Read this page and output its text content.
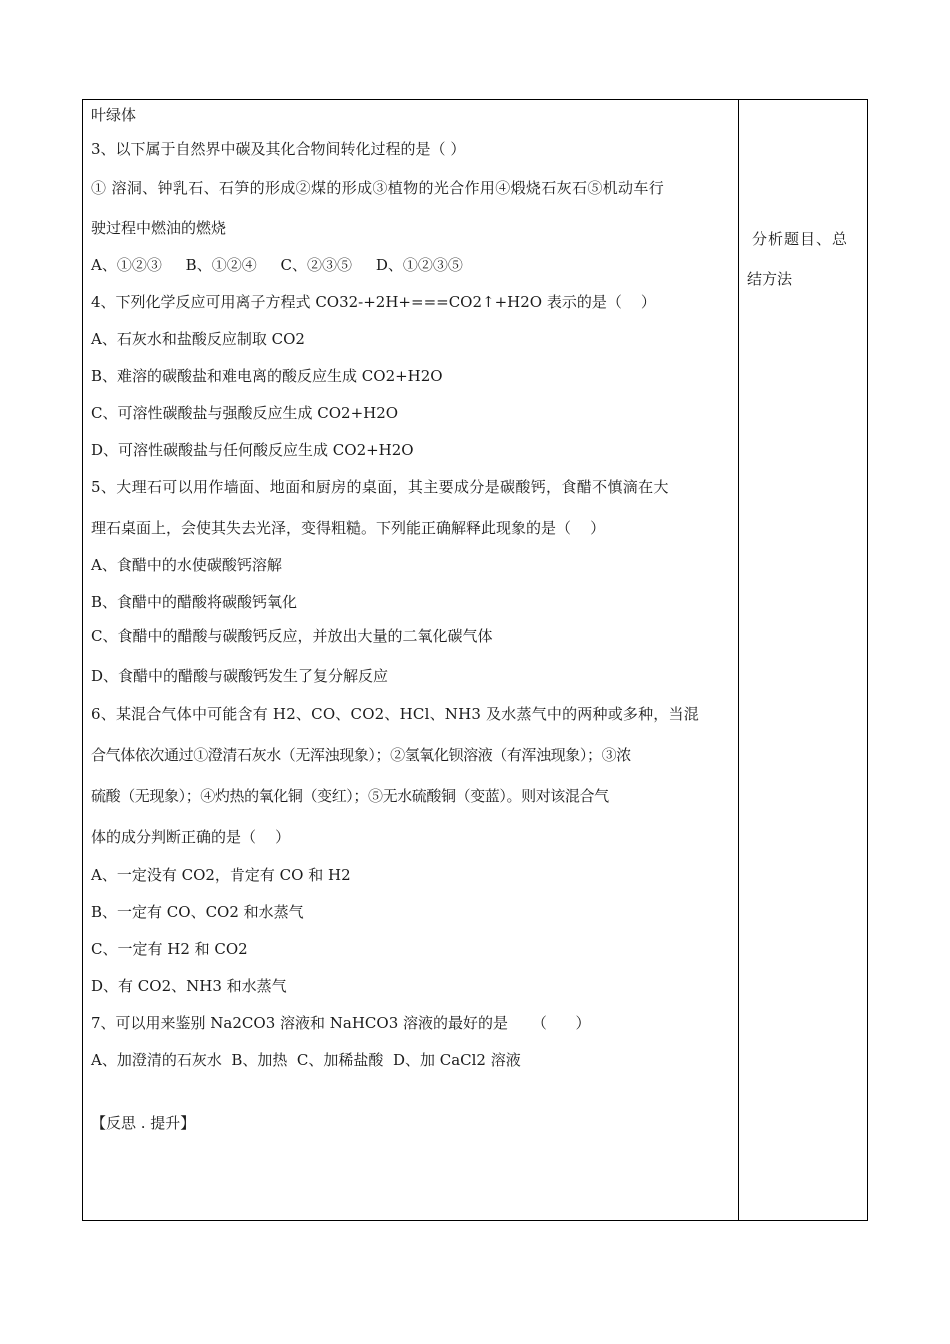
叶绿体
3、以下属于自然界中碳及其化合物间转化过程的是（ ）
① 溶洞、钟乳石、石笋的形成②煤的形成③植物的光合作用④煅烧石灰石⑤机动车行
驶过程中燃油的燃烧
A、①②③     B、①②④     C、②③⑤     D、①②③⑤
4、下列化学反应可用离子方程式 CO32-+2H+===CO2↑+H2O 表示的是（    ）
A、石灰水和盐酸反应制取 CO2
B、难溶的碳酸盐和难电离的酸反应生成 CO2+H2O
C、可溶性碳酸盐与强酸反应生成 CO2+H2O
D、可溶性碳酸盐与任何酸反应生成 CO2+H2O
5、大理石可以用作墙面、地面和厨房的桌面，其主要成分是碳酸钙，食醋不慎滴在大
理石桌面上，会使其失去光泽，变得粗糙。下列能正确解释此现象的是（    ）
A、食醋中的水使碳酸钙溶解
B、食醋中的醋酸将碳酸钙氧化
C、食醋中的醋酸与碳酸钙反应，并放出大量的二氧化碳气体
D、食醋中的醋酸与碳酸钙发生了复分解反应
6、某混合气体中可能含有 H2、CO、CO2、HCl、NH3 及水蒸气中的两种或多种，当混
合气体依次通过①澄清石灰水（无浑浊现象）；②氢氧化钡溶液（有浑浊现象）；③浓
硫酸（无现象）；④灼热的氧化铜（变红）；⑤无水硫酸铜（变蓝）。则对该混合气
体的成分判断正确的是（    ）
A、一定没有 CO2，肯定有 CO 和 H2
B、一定有 CO、CO2 和水蒸气
C、一定有 H2 和 CO2
D、有 CO2、NH3 和水蒸气
7、可以用来鉴别 Na2CO3 溶液和 NaHCO3 溶液的最好的是     （      ）
A、加澄清的石灰水  B、加热  C、加稀盐酸  D、加 CaCl2 溶液
【反思 . 提升】
分析题目、总
结方法
